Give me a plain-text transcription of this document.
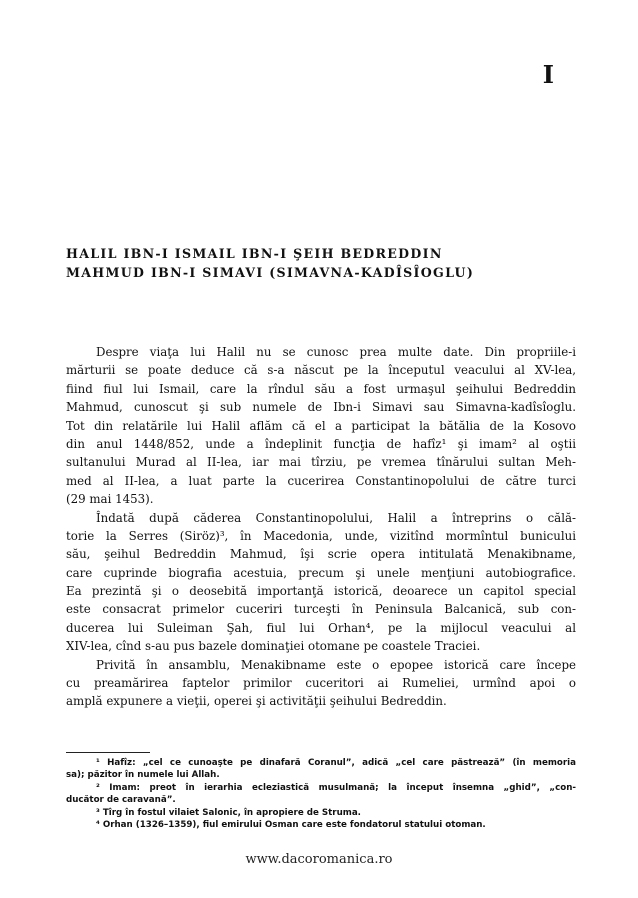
I
HALIL IBN-I ISMAIL IBN-I ŞEIH BEDREDDIN
MAHMUD IBN-I SIMAVI (SIMAVNA-KADÎSÎOGLU)
Despre viaţa lui Halil nu se cunosc prea multe date. Din propriile-i
mărturii se poate deduce că s-a născut pe la începutul veacului al XV-lea,
fiind fiul lui Ismail, care la rîndul său a fost urmaşul şeihului Bedreddin
Mahmud, cunoscut şi sub numele de Ibn-i Simavi sau Simavna-kadîsîoglu.
Tot din relatările lui Halil aflăm că el a participat la bătălia de la Kosovo
din anul 1448/852, unde a îndeplinit funcţia de hafîz¹ şi imam² al oştii
sultanului Murad al II-lea, iar mai tîrziu, pe vremea tînărului sultan Meh-
med al II-lea, a luat parte la cucerirea Constantinopolului de către turci
(29 mai 1453).
Îndată după căderea Constantinopolului, Halil a întreprins o călă-
torie la Serres (Siröz)³, în Macedonia, unde, vizitînd mormîntul bunicului
său, şeihul Bedreddin Mahmud, îşi scrie opera intitulată Menakibname,
care cuprinde biografia acestuia, precum şi unele menţiuni autobiografice.
Ea prezintă şi o deosebită importanţă istorică, deoarece un capitol special
este consacrat primelor cuceriri turceşti în Peninsula Balcanică, sub con-
ducerea lui Suleiman Şah, fiul lui Orhan⁴, pe la mijlocul veacului al
XIV-lea, cînd s-au pus bazele dominaţiei otomane pe coastele Traciei.
Privită în ansamblu, Menakibname este o epopee istorică care începe
cu preamărirea faptelor primilor cuceritori ai Rumeliei, urmînd apoi o
amplă expunere a vieţii, operei şi activităţii şeihului Bedreddin.
¹ Hafîz: „cel ce cunoaşte pe dinafară Coranul”, adică „cel care păstrează” (în memoria
sa); păzitor în numele lui Allah.
² Imam: preot în ierarhia ecleziastică musulmană; la început însemna „ghid”, „con-
ducător de caravană”.
³ Tîrg în fostul vilaiet Salonic, în apropiere de Struma.
⁴ Orhan (1326–1359), fiul emirului Osman care este fondatorul statului otoman.
www.dacoromanica.ro
